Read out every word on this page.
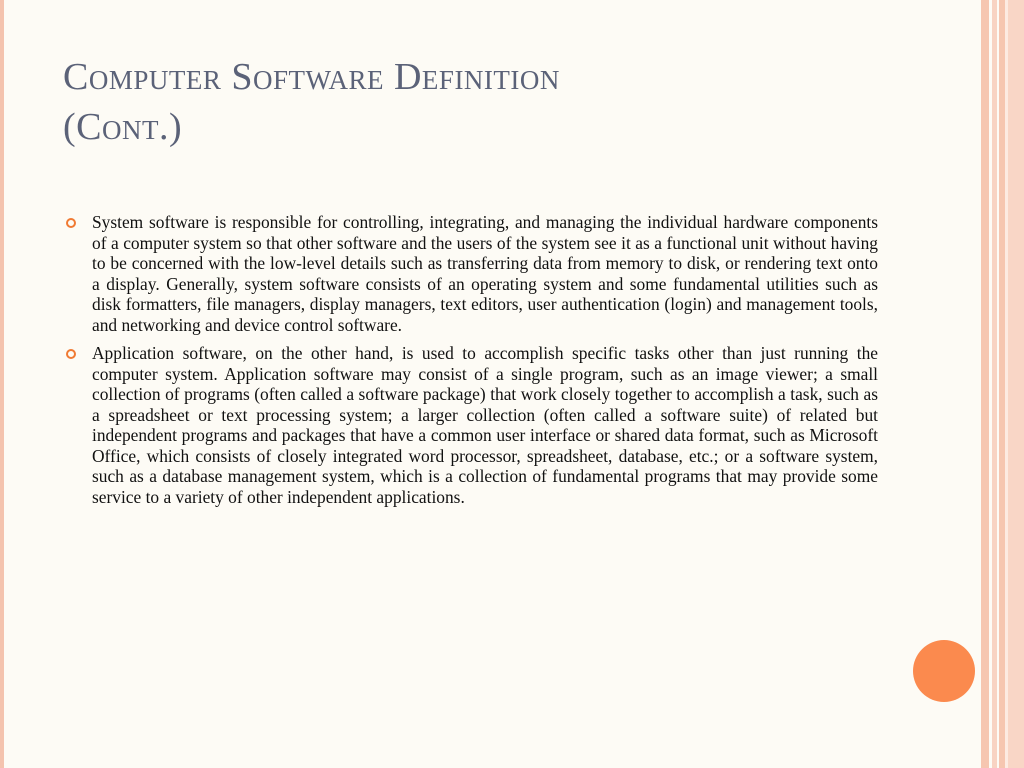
Computer Software Definition
(Cont.)
System software is responsible for controlling, integrating, and managing the individual hardware components of a computer system so that other software and the users of the system see it as a functional unit without having to be concerned with the low-level details such as transferring data from memory to disk, or rendering text onto a display. Generally, system software consists of an operating system and some fundamental utilities such as disk formatters, file managers, display managers, text editors, user authentication (login) and management tools, and networking and device control software.
Application software, on the other hand, is used to accomplish specific tasks other than just running the computer system. Application software may consist of a single program, such as an image viewer; a small collection of programs (often called a software package) that work closely together to accomplish a task, such as a spreadsheet or text processing system; a larger collection (often called a software suite) of related but independent programs and packages that have a common user interface or shared data format, such as Microsoft Office, which consists of closely integrated word processor, spreadsheet, database, etc.; or a software system, such as a database management system, which is a collection of fundamental programs that may provide some service to a variety of other independent applications.
